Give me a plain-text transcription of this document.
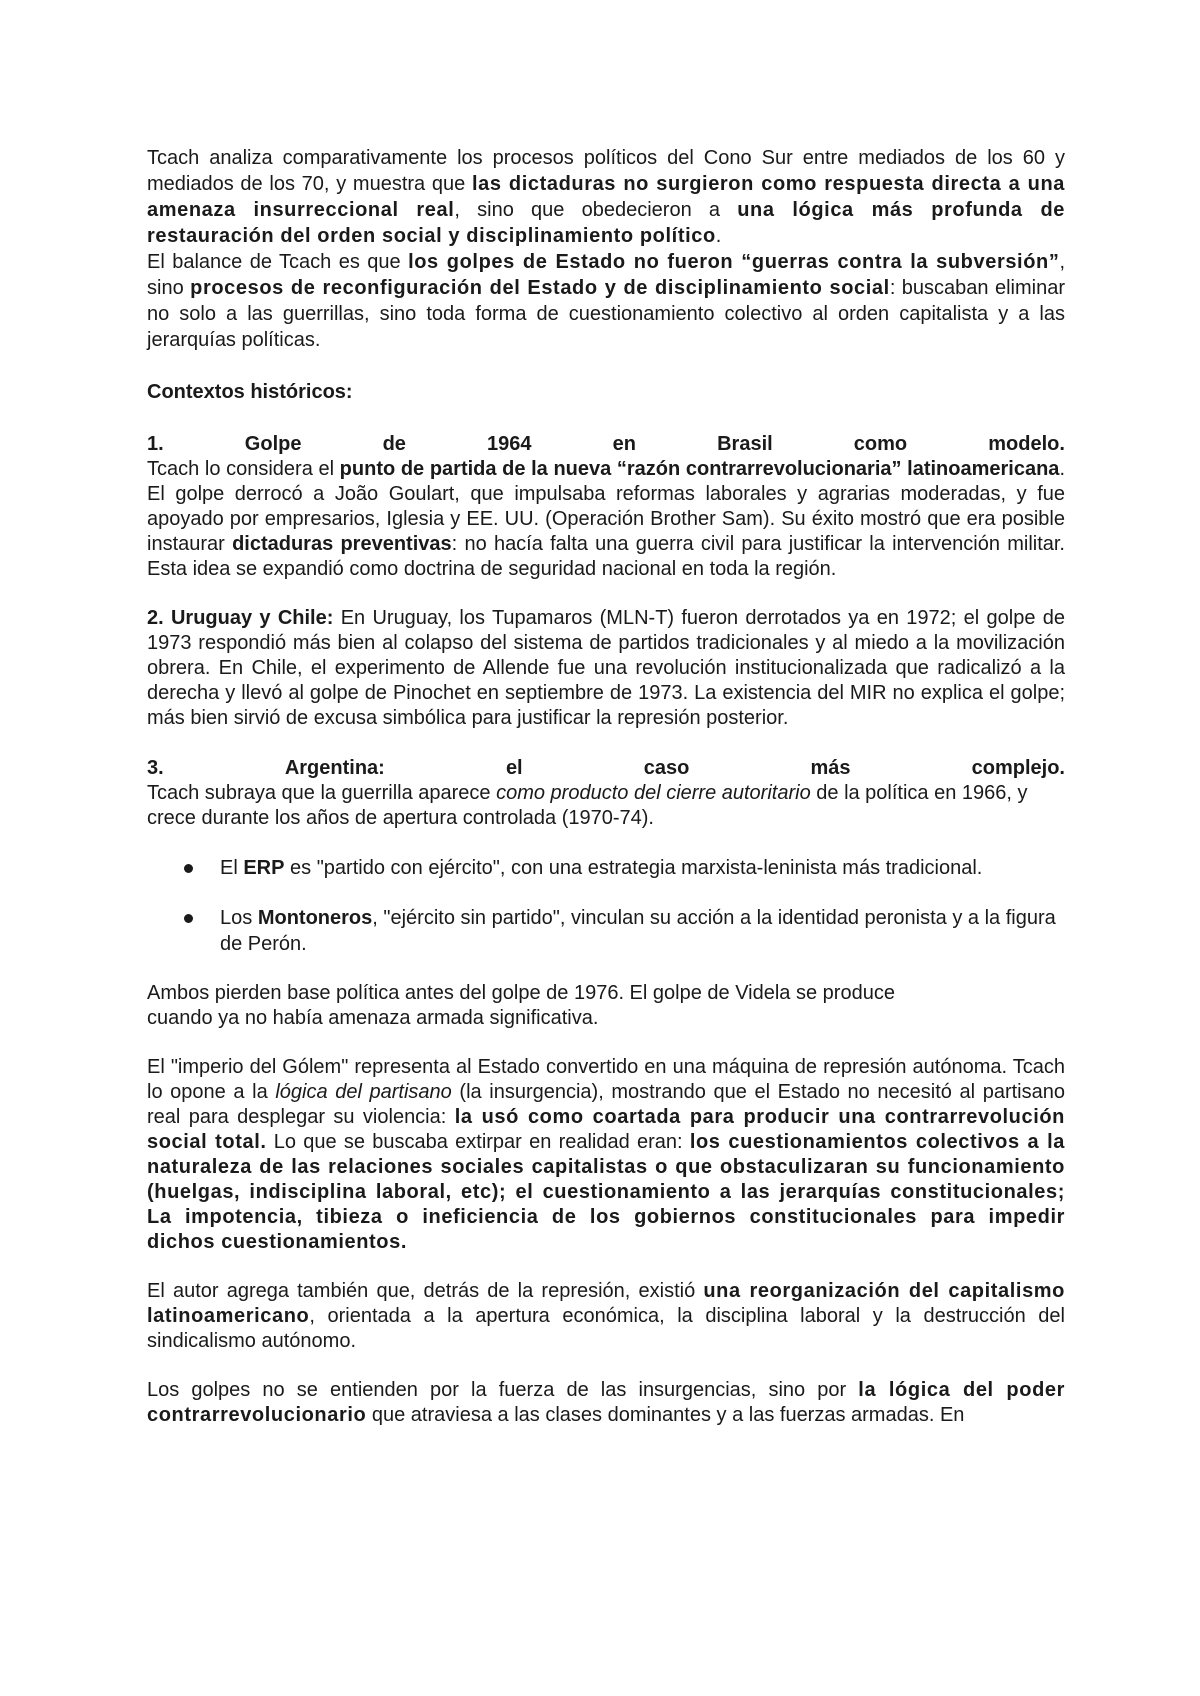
Tcach analiza comparativamente los procesos políticos del Cono Sur entre mediados de los 60 y mediados de los 70, y muestra que las dictaduras no surgieron como respuesta directa a una amenaza insurreccional real, sino que obedecieron a una lógica más profunda de restauración del orden social y disciplinamiento político.

El balance de Tcach es que los golpes de Estado no fueron “guerras contra la subversión”, sino procesos de reconfiguración del Estado y de disciplinamiento social: buscaban eliminar no solo a las guerrillas, sino toda forma de cuestionamiento colectivo al orden capitalista y a las jerarquías políticas.

Contextos históricos:

1.	Golpe	de	1964	en	Brasil	como	modelo.

Tcach lo considera el punto de partida de la nueva “razón contrarrevolucionaria” latinoamericana. El golpe derrocó a João Goulart, que impulsaba reformas laborales y agrarias moderadas, y fue apoyado por empresarios, Iglesia y EE. UU. (Operación Brother Sam). Su éxito mostró que era posible instaurar dictaduras preventivas: no hacía falta una guerra civil para justificar la intervención militar. Esta idea se expandió como doctrina de seguridad nacional en toda la región.

2. Uruguay y Chile: En Uruguay, los Tupamaros (MLN-T) fueron derrotados ya en 1972; el golpe de 1973 respondió más bien al colapso del sistema de partidos tradicionales y al miedo a la movilización obrera. En Chile, el experimento de Allende fue una revolución institucionalizada que radicalizó a la derecha y llevó al golpe de Pinochet en septiembre de 1973. La existencia del MIR no explica el golpe; más bien sirvió de excusa simbólica para justificar la represión posterior.

3.	Argentina:	el	caso	más	complejo.

Tcach subraya que la guerrilla aparece como producto del cierre autoritario de la política en 1966, y crece durante los años de apertura controlada (1970-74).

El ERP es "partido con ejército", con una estrategia marxista-leninista más tradicional.
Los Montoneros, "ejército sin partido", vinculan su acción a la identidad peronista y a la figura de Perón.

Ambos pierden base política antes del golpe de 1976. El golpe de Videla se produce
cuando ya no había amenaza armada significativa.

El "imperio del Gólem" representa al Estado convertido en una máquina de represión autónoma. Tcach lo opone a la lógica del partisano (la insurgencia), mostrando que el Estado no necesitó al partisano real para desplegar su violencia: la usó como coartada para producir una contrarrevolución social total. Lo que se buscaba extirpar en realidad eran: los cuestionamientos colectivos a la naturaleza de las relaciones sociales capitalistas o que obstaculizaran su funcionamiento (huelgas, indisciplina laboral, etc); el cuestionamiento a las jerarquías constitucionales; La impotencia, tibieza o ineficiencia de los gobiernos constitucionales para impedir dichos cuestionamientos.

El autor agrega también que, detrás de la represión, existió una reorganización del capitalismo latinoamericano, orientada a la apertura económica, la disciplina laboral y la destrucción del sindicalismo autónomo.

Los golpes no se entienden por la fuerza de las insurgencias, sino por la lógica del poder contrarrevolucionario que atraviesa a las clases dominantes y a las fuerzas armadas. En
